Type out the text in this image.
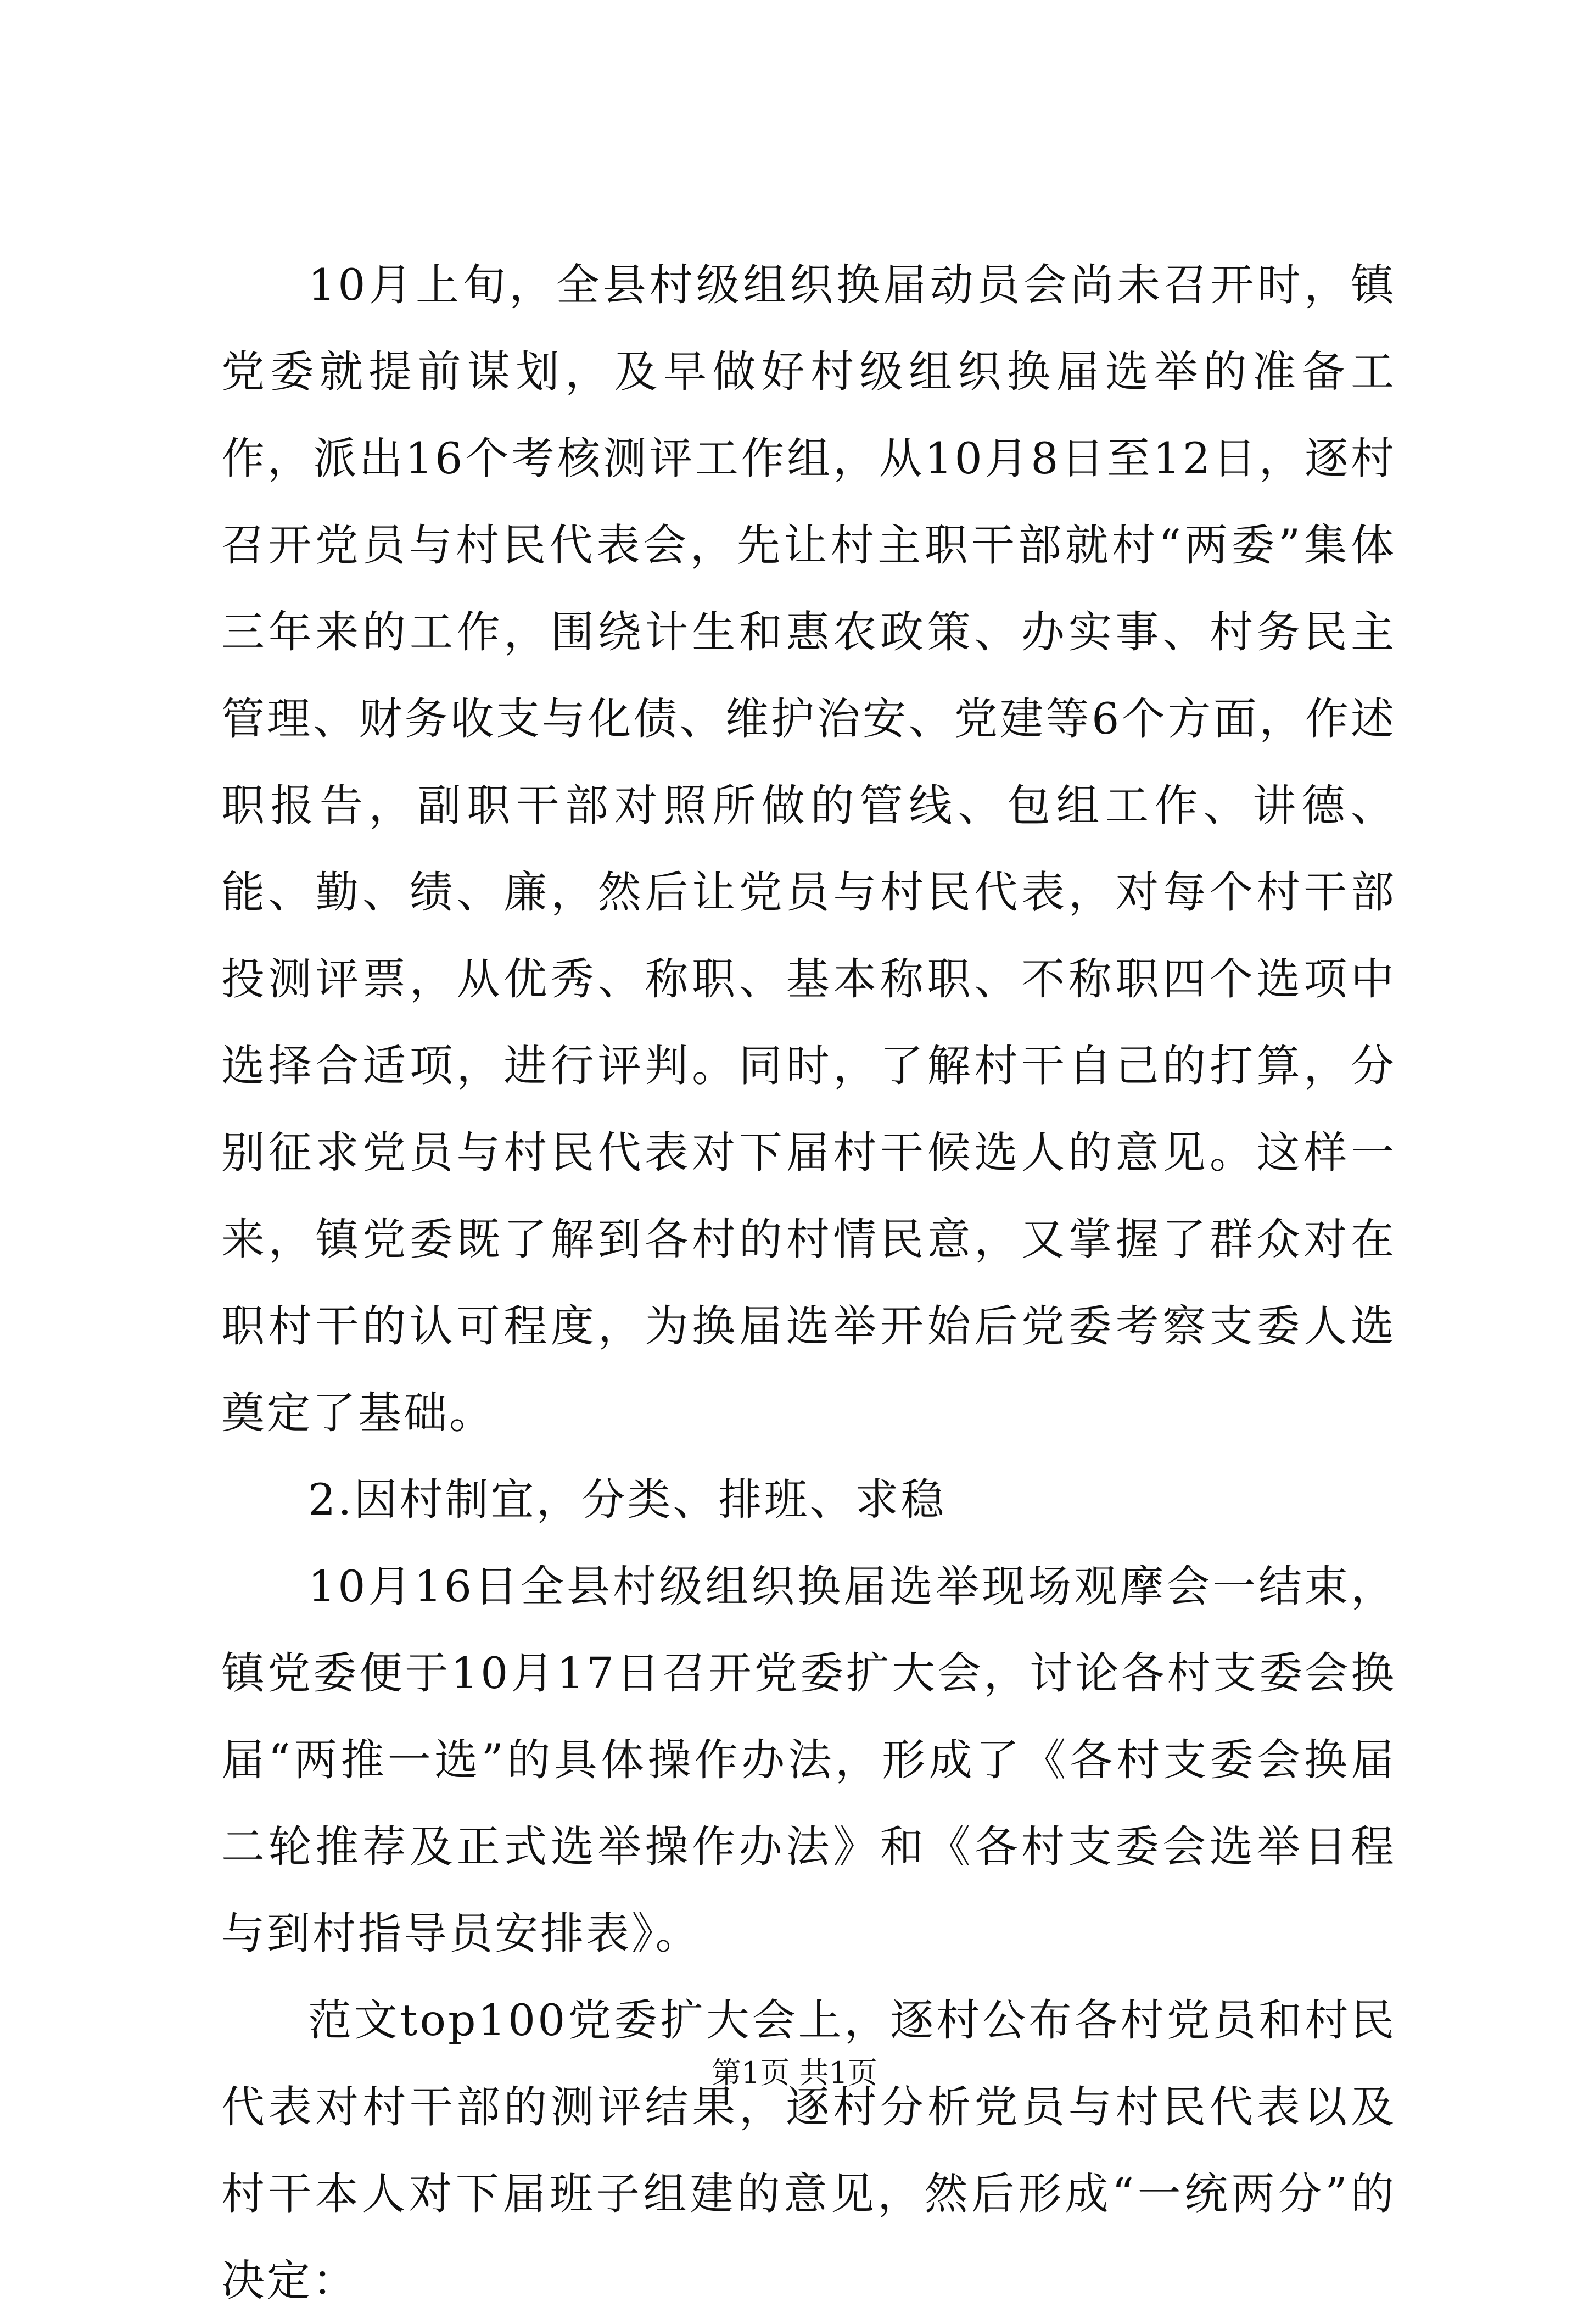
10月上旬，全县村级组织换届动员会尚未召开时，镇党委就提前谋划，及早做好村级组织换届选举的准备工作，派出16个考核测评工作组，从10月8日至12日，逐村召开党员与村民代表会，先让村主职干部就村“两委”集体三年来的工作，围绕计生和惠农政策、办实事、村务民主管理、财务收支与化债、维护治安、党建等6个方面，作述职报告，副职干部对照所做的管线、包组工作、讲德、能、勤、绩、廉，然后让党员与村民代表，对每个村干部投测评票，从优秀、称职、基本称职、不称职四个选项中选择合适项，进行评判。同时，了解村干自己的打算，分别征求党员与村民代表对下届村干候选人的意见。这样一来，镇党委既了解到各村的村情民意，又掌握了群众对在职村干的认可程度，为换届选举开始后党委考察支委人选奠定了基础。

2.因村制宜，分类、排班、求稳

10月16日全县村级组织换届选举现场观摩会一结束，镇党委便于10月17日召开党委扩大会，讨论各村支委会换届“两推一选”的具体操作办法，形成了《各村支委会换届二轮推荐及正式选举操作办法》和《各村支委会选举日程与到村指导员安排表》。

范文top100党委扩大会上，逐村公布各村党员和村民代表对村干部的测评结果，逐村分析党员与村民代表以及村干本人对下届班子组建的意见，然后形成“一统两分”的决定：

第1页 共1页
